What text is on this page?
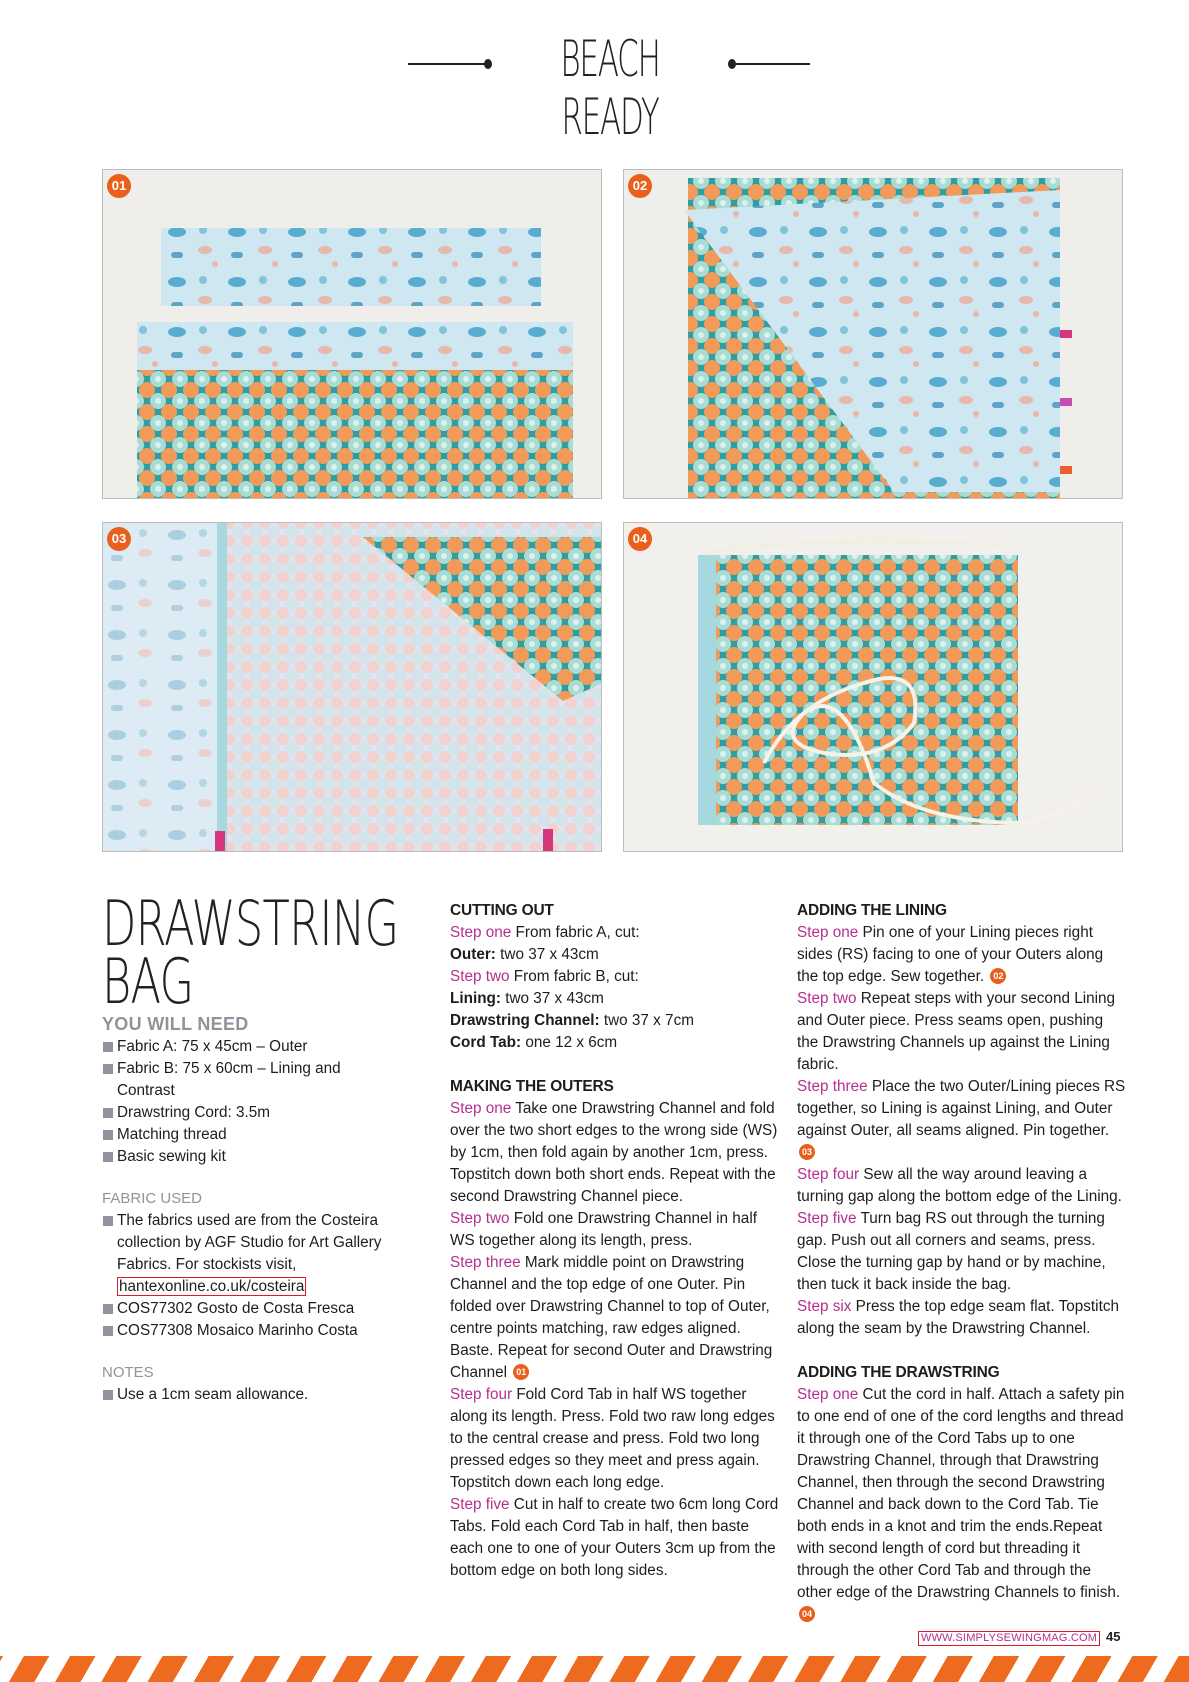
BEACH READY
01	02
03	04
DRAWSTRING
BAG
YOU WILL NEED
Fabric A: 75 x 45cm – Outer
Fabric B: 75 x 60cm – Lining and Contrast
Drawstring Cord: 3.5m
Matching thread
Basic sewing kit
FABRIC USED
The fabrics used are from the Costeira collection by AGF Studio for Art Gallery Fabrics. For stockists visit, hantexonline.co.uk/costeira
COS77302 Gosto de Costa Fresca
COS77308 Mosaico Marinho Costa
NOTES
Use a 1cm seam allowance.
CUTTING OUT
Step one From fabric A, cut:
Outer: two 37 x 43cm
Step two From fabric B, cut:
Lining: two 37 x 43cm
Drawstring Channel: two 37 x 7cm
Cord Tab: one 12 x 6cm
MAKING THE OUTERS
Step one Take one Drawstring Channel and fold over the two short edges to the wrong side (WS) by 1cm, then fold again by another 1cm, press. Topstitch down both short ends. Repeat with the second Drawstring Channel piece.
Step two Fold one Drawstring Channel in half WS together along its length, press.
Step three Mark middle point on Drawstring Channel and the top edge of one Outer. Pin folded over Drawstring Channel to top of Outer, centre points matching, raw edges aligned. Baste. Repeat for second Outer and Drawstring Channel 01
Step four Fold Cord Tab in half WS together along its length. Press. Fold two raw long edges to the central crease and press. Fold two long pressed edges so they meet and press again. Topstitch down each long edge.
Step five Cut in half to create two 6cm long Cord Tabs. Fold each Cord Tab in half, then baste each one to one of your Outers 3cm up from the bottom edge on both long sides.
ADDING THE LINING
Step one Pin one of your Lining pieces right sides (RS) facing to one of your Outers along the top edge. Sew together. 02
Step two Repeat steps with your second Lining and Outer piece. Press seams open, pushing the Drawstring Channels up against the Lining fabric.
Step three Place the two Outer/Lining pieces RS together, so Lining is against Lining, and Outer against Outer, all seams aligned. Pin together. 03
Step four Sew all the way around leaving a turning gap along the bottom edge of the Lining.
Step five Turn bag RS out through the turning gap. Push out all corners and seams, press. Close the turning gap by hand or by machine, then tuck it back inside the bag.
Step six Press the top edge seam flat. Topstitch along the seam by the Drawstring Channel.
ADDING THE DRAWSTRING
Step one Cut the cord in half. Attach a safety pin to one end of one of the cord lengths and thread it through one of the Cord Tabs up to one Drawstring Channel, through that Drawstring Channel, then through the second Drawstring Channel and back down to the Cord Tab. Tie both ends in a knot and trim the ends.Repeat with second length of cord but threading it through the other Cord Tab and through the other edge of the Drawstring Channels to finish. 04
WWW.SIMPLYSEWINGMAG.COM 45
